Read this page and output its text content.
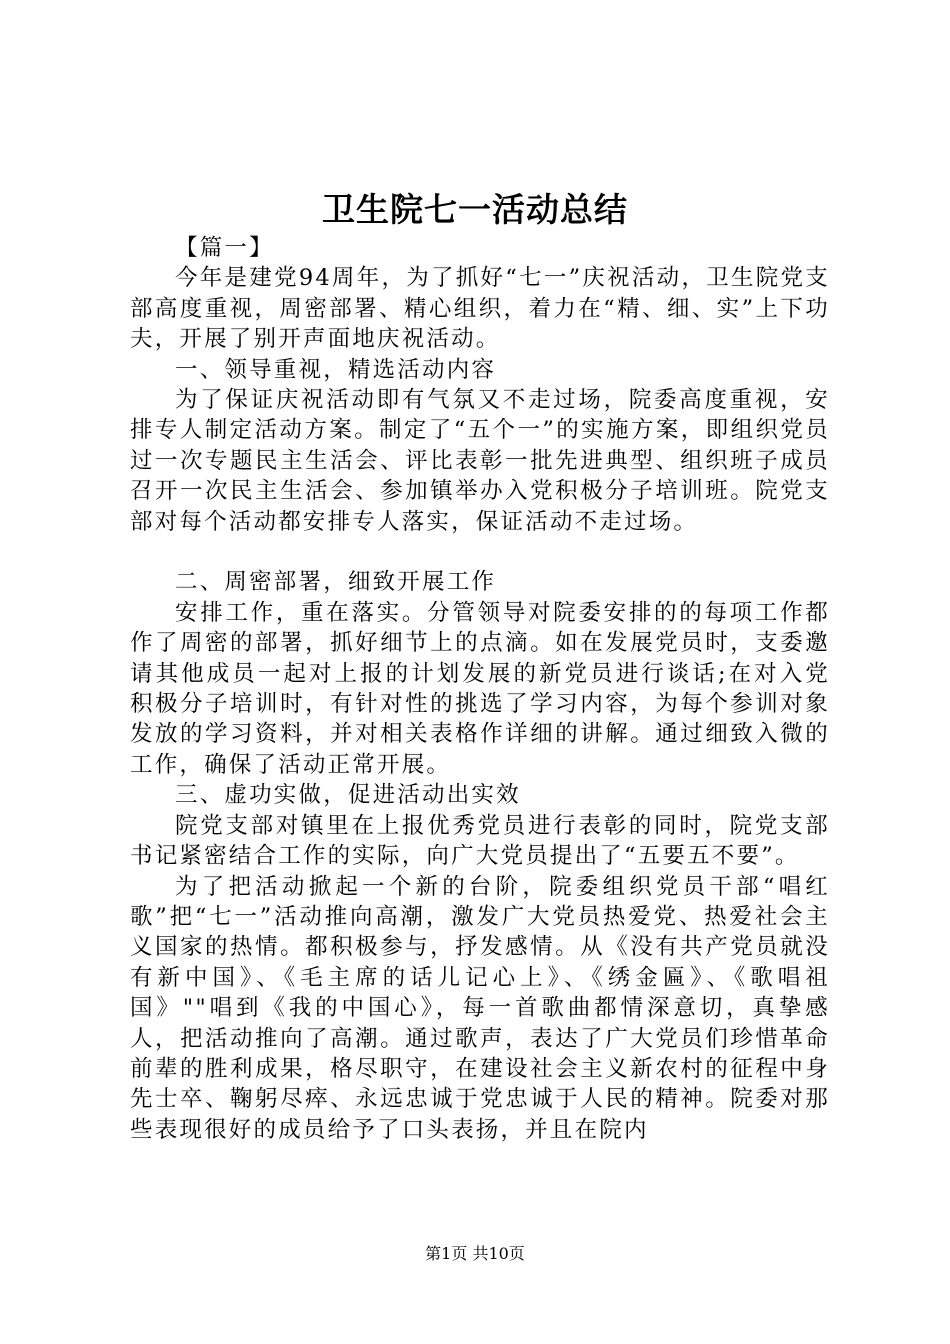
卫生院七一活动总结

【篇一】

今年是建党94周年，为了抓好“七一”庆祝活动，卫生院党支部高度重视，周密部署、精心组织，着力在“精、细、实”上下功夫，开展了别开声面地庆祝活动。

一、领导重视，精选活动内容

为了保证庆祝活动即有气氛又不走过场，院委高度重视，安排专人制定活动方案。制定了“五个一”的实施方案，即组织党员过一次专题民主生活会、评比表彰一批先进典型、组织班子成员召开一次民主生活会、参加镇举办入党积极分子培训班。院党支部对每个活动都安排专人落实，保证活动不走过场。

二、周密部署，细致开展工作

安排工作，重在落实。分管领导对院委安排的的每项工作都作了周密的部署，抓好细节上的点滴。如在发展党员时，支委邀请其他成员一起对上报的计划发展的新党员进行谈话;在对入党积极分子培训时，有针对性的挑选了学习内容，为每个参训对象发放的学习资料，并对相关表格作详细的讲解。通过细致入微的工作，确保了活动正常开展。

三、虚功实做，促进活动出实效

院党支部对镇里在上报优秀党员进行表彰的同时，院党支部书记紧密结合工作的实际，向广大党员提出了“五要五不要”。

为了把活动掀起一个新的台阶，院委组织党员干部“唱红歌”把“七一”活动推向高潮，激发广大党员热爱党、热爱社会主义国家的热情。都积极参与，抒发感情。从《没有共产党员就没有新中国》、《毛主席的话儿记心上》、《绣金匾》、《歌唱祖国》""唱到《我的中国心》，每一首歌曲都情深意切，真挚感人，把活动推向了高潮。通过歌声，表达了广大党员们珍惜革命前辈的胜利成果，格尽职守，在建设社会主义新农村的征程中身先士卒、鞠躬尽瘁、永远忠诚于党忠诚于人民的精神。院委对那些表现很好的成员给予了口头表扬，并且在院内

第1页 共10页
